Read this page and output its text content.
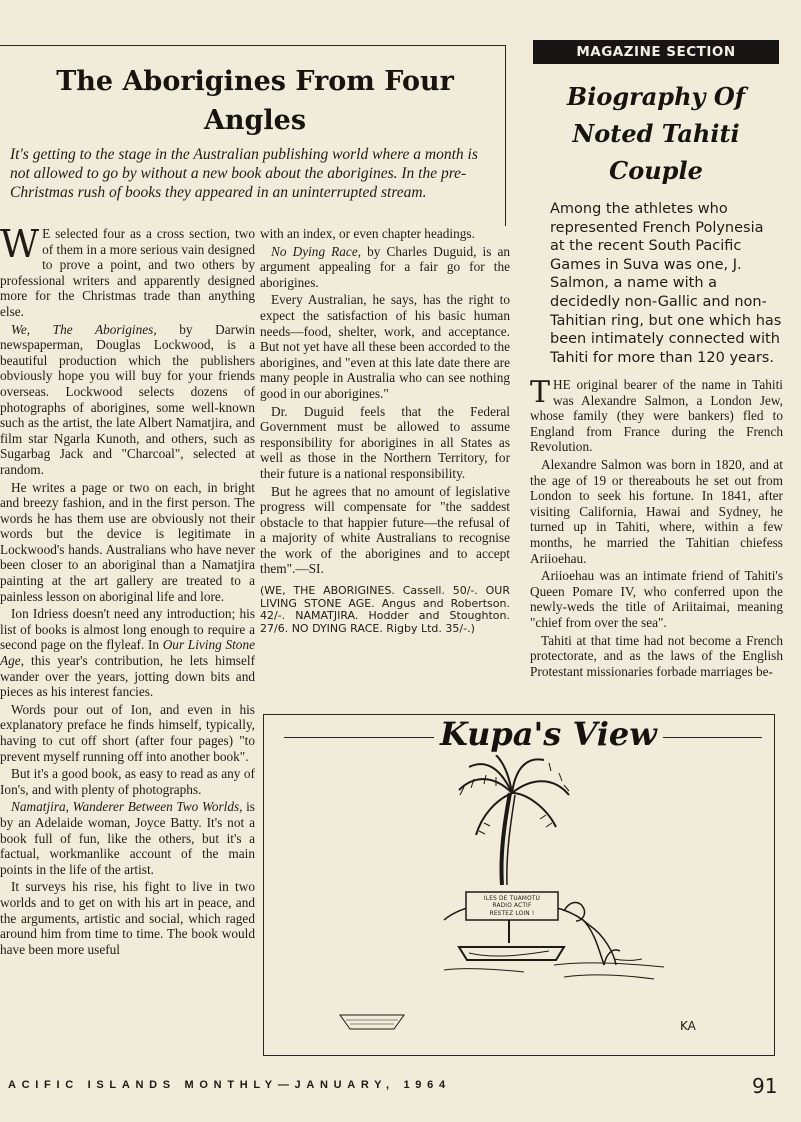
The Aborigines From Four Angles

It's getting to the stage in the Australian publishing world where a month is not allowed to go by without a new book about the aborigines. In the pre-Christmas rush of books they appeared in an uninterrupted stream.

W E selected four as a cross section, two of them in a more serious vain designed to prove a point, and two others by professional writers and apparently designed more for the Christmas trade than anything else.

We, The Aborigines, by Darwin newspaperman, Douglas Lockwood, is a beautiful production which the publishers obviously hope you will buy for your friends overseas. Lockwood selects dozens of photographs of aborigines, some well-known such as the artist, the late Albert Namatjira, and film star Ngarla Kunoth, and others, such as Sugarbag Jack and "Charcoal", selected at random.

He writes a page or two on each, in bright and breezy fashion, and in the first person. The words he has them use are obviously not their words but the device is legitimate in Lockwood's hands. Australians who have never been closer to an aboriginal than a Namatjira painting at the art gallery are treated to a painless lesson on aboriginal life and lore.

Ion Idriess doesn't need any introduction; his list of books is almost long enough to require a second page on the flyleaf. In Our Living Stone Age, this year's contribution, he lets himself wander over the years, jotting down bits and pieces as his interest fancies.

Words pour out of Ion, and even in his explanatory preface he finds himself, typically, having to cut off short (after four pages) "to prevent myself running off into another book".

But it's a good book, as easy to read as any of Ion's, and with plenty of photographs.

Namatjira, Wanderer Between Two Worlds, is by an Adelaide woman, Joyce Batty. It's not a book full of fun, like the others, but it's a factual, workmanlike account of the main points in the life of the artist.

It surveys his rise, his fight to live in two worlds and to get on with his art in peace, and the arguments, artistic and social, which raged around him from time to time. The book would have been more useful

with an index, or even chapter headings.

No Dying Race, by Charles Duguid, is an argument appealing for a fair go for the aborigines.

Every Australian, he says, has the right to expect the satisfaction of his basic human needs—food, shelter, work, and acceptance. But not yet have all these been accorded to the aborigines, and "even at this late date there are many people in Australia who can see nothing good in our aborigines."

Dr. Duguid feels that the Federal Government must be allowed to assume responsibility for aborigines in all States as well as those in the Northern Territory, for their future is a national responsibility.

But he agrees that no amount of legislative progress will compensate for "the saddest obstacle to that happier future—the refusal of a majority of white Australians to recognise the work of the aborigines and to accept them".—SI.

(WE, THE ABORIGINES. Cassell. 50/-. OUR LIVING STONE AGE. Angus and Robertson. 42/-. NAMATJIRA. Hodder and Stoughton. 27/6. NO DYING RACE. Rigby Ltd. 35/-.)

MAGAZINE SECTION
Biography Of Noted Tahiti Couple

Among the athletes who represented French Polynesia at the recent South Pacific Games in Suva was one, J. Salmon, a name with a decidedly non-Gallic and non-Tahitian ring, but one which has been intimately connected with Tahiti for more than 120 years.

THE original bearer of the name in Tahiti was Alexandre Salmon, a London Jew, whose family (they were bankers) fled to England from France during the French Revolution.

Alexandre Salmon was born in 1820, and at the age of 19 or thereabouts he set out from London to seek his fortune. In 1841, after visiting California, Hawai and Sydney, he turned up in Tahiti, where, within a few months, he married the Tahitian chiefess Ariioehau.

Ariioehau was an intimate friend of Tahiti's Queen Pomare IV, who conferred upon the newly-weds the title of Ariitaimai, meaning "chief from over the sea".

Tahiti at that time had not become a French protectorate, and as the laws of the English Protestant missionaries forbade marriages be-

Kupa's View
ILES DE TUAMOTU
RADIO ACTIF
RESTEZ LOIN !
KA
ACIFIC ISLANDS MONTHLY—JANUARY, 1964	91
